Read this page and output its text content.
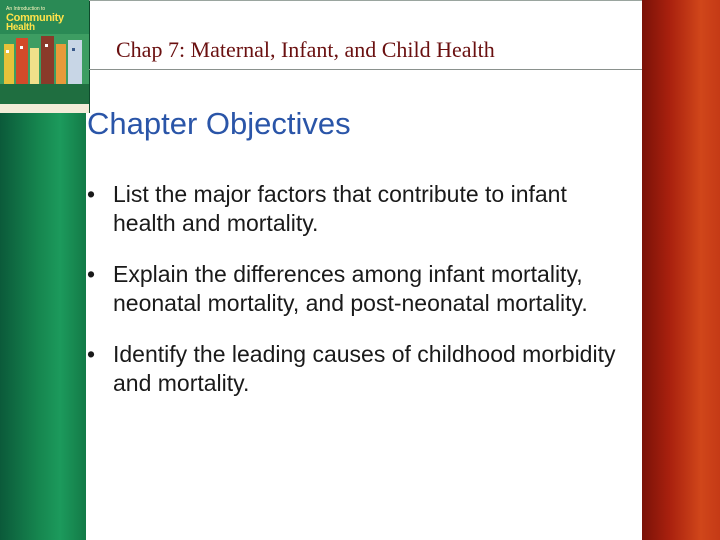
An Introduction to
Community
Health
Chap 7: Maternal, Infant, and Child Health
Chapter Objectives
• List the major factors that contribute to infant health and mortality.
• Explain the differences among infant mortality, neonatal mortality, and post-neonatal mortality.
• Identify the leading causes of childhood morbidity and mortality.
